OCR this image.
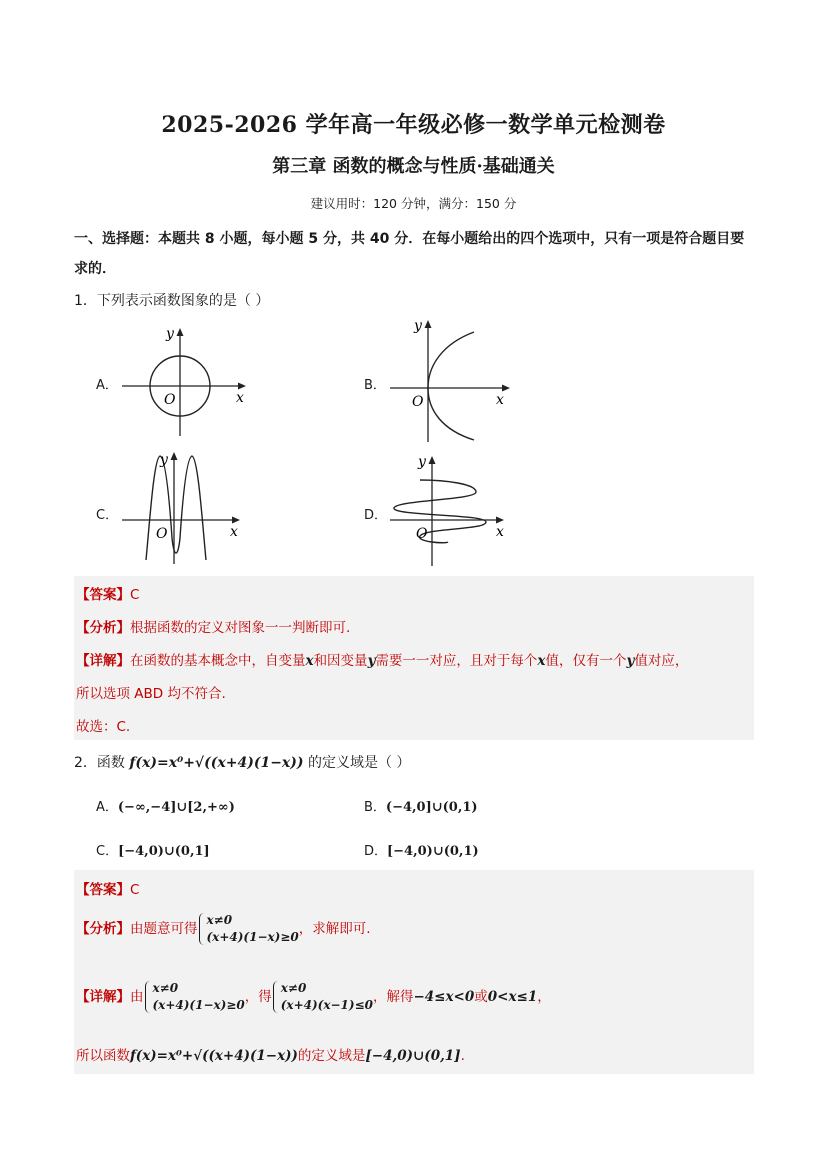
2025-2026 学年高一年级必修一数学单元检测卷
第三章 函数的概念与性质·基础通关
建议用时：120 分钟，满分：150 分
一、选择题：本题共 8 小题，每小题 5 分，共 40 分．在每小题给出的四个选项中，只有一项是符合题目要
求的．
1．下列表示函数图象的是（ ）
A．
y
x
O
B．
y
x
O
C．
y
x
O
D．
y
x
O
【答案】C
【分析】根据函数的定义对图象一一判断即可.
【详解】在函数的基本概念中，自变量x和因变量y需要一一对应，且对于每个x值，仅有一个y值对应，
所以选项 ABD 均不符合.
故选：C.
2．函数 f(x)=x⁰+√((x+4)(1−x)) 的定义域是（ ）
A．(−∞,−4]∪[2,+∞)	B．(−4,0]∪(0,1)
C．[−4,0)∪(0,1]	D．[−4,0)∪(0,1)
【答案】C
【分析】由题意可得
x≠0
(x+4)(1−x)≥0 ，求解即可.
【详解】由
x≠0
(x+4)(1−x)≥0 ，得
x≠0
(x+4)(x−1)≤0 ，解得−4≤x<0或0<x≤1，
所以函数f(x)=x⁰+√((x+4)(1−x))的定义域是[−4,0)∪(0,1].
